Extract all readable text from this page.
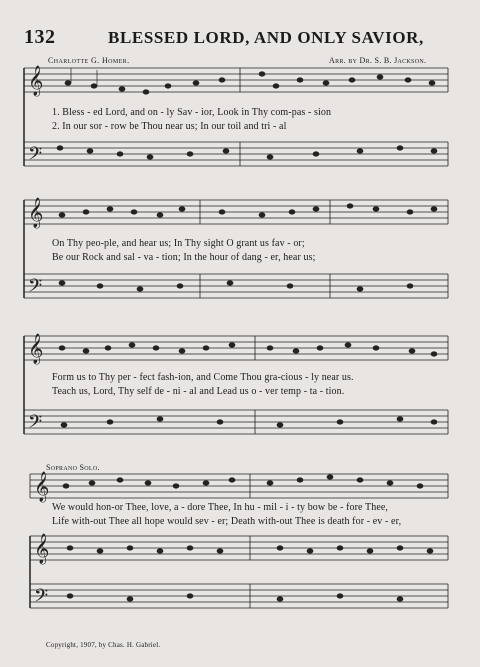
𝄞
𝄢
𝄞
𝄢
𝄞
𝄢
𝄞
𝄞
𝄢
132	BLESSED LORD, AND ONLY SAVIOR,
Charlotte G. Homer.	Arr. by Dr. S. B. Jackson.
1. Bless - ed Lord, and on - ly Sav - ior, Look in Thy com-pas - sion
2. In our sor - row be Thou near us; In our toil and tri - al
On Thy peo-ple, and hear us; In Thy sight O grant us fav - or;
Be our Rock and sal - va - tion; In the hour of dang - er, hear us;
Form us to Thy per - fect fash-ion, and Come Thou gra-cious - ly near us.
Teach us, Lord, Thy self de - ni - al and Lead us o - ver temp - ta - tion.
Soprano Solo.
We would hon-or Thee, love, a - dore Thee, In hu - mil - i - ty bow be - fore Thee,
Life with-out Thee all hope would sev - er; Death with-out Thee is death for - ev - er,
Copyright, 1907, by Chas. H. Gabriel.
